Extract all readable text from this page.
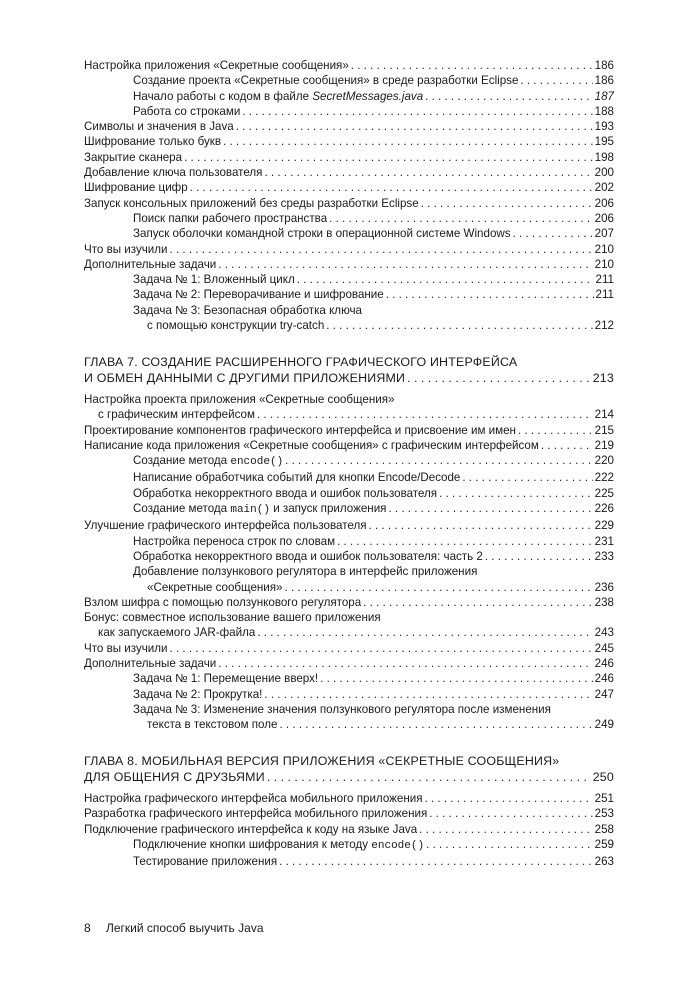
Настройка приложения «Секретные сообщения» . . .	186
Создание проекта «Секретные сообщения» в среде разработки Eclipse . . .	186
Начало работы с кодом в файле SecretMessages.java . . .	187
Работа со строками . . .	188
Символы и значения в Java . . .	193
Шифрование только букв . . .	195
Закрытие сканера . . .	198
Добавление ключа пользователя . . .	200
Шифрование цифр . . .	202
Запуск консольных приложений без среды разработки Eclipse . . .	206
Поиск папки рабочего пространства . . .	206
Запуск оболочки командной строки в операционной системе Windows . . .	207
Что вы изучили . . .	210
Дополнительные задачи . . .	210
Задача № 1: Вложенный цикл . . .	211
Задача № 2: Переворачивание и шифрование . . .	211
Задача № 3: Безопасная обработка ключа
с помощью конструкции try-catch . . .	212
ГЛАВА 7. СОЗДАНИЕ РАСШИРЕННОГО ГРАФИЧЕСКОГО ИНТЕРФЕЙСА
И ОБМЕН ДАННЫМИ С ДРУГИМИ ПРИЛОЖЕНИЯМИ . . .	213
Настройка проекта приложения «Секретные сообщения»
с графическим интерфейсом . . .	214
Проектирование компонентов графического интерфейса и присвоение им имен . . .	215
Написание кода приложения «Секретные сообщения» с графическим интерфейсом . . .	219
Создание метода encode() . . .	220
Написание обработчика событий для кнопки Encode/Decode . . .	222
Обработка некорректного ввода и ошибок пользователя . . .	225
Создание метода main() и запуск приложения . . .	226
Улучшение графического интерфейса пользователя . . .	229
Настройка переноса строк по словам . . .	231
Обработка некорректного ввода и ошибок пользователя: часть 2 . . .	233
Добавление ползункового регулятора в интерфейс приложения
«Секретные сообщения» . . .	236
Взлом шифра с помощью ползункового регулятора . . .	238
Бонус: совместное использование вашего приложения
как запускаемого JAR-файла . . .	243
Что вы изучили . . .	245
Дополнительные задачи . . .	246
Задача № 1: Перемещение вверх! . . .	246
Задача № 2: Прокрутка! . . .	247
Задача № 3: Изменение значения ползункового регулятора после изменения
текста в текстовом поле . . .	249
ГЛАВА 8. МОБИЛЬНАЯ ВЕРСИЯ ПРИЛОЖЕНИЯ «СЕКРЕТНЫЕ СООБЩЕНИЯ»
ДЛЯ ОБЩЕНИЯ С ДРУЗЬЯМИ . . .	250
Настройка графического интерфейса мобильного приложения . . .	251
Разработка графического интерфейса мобильного приложения . . .	253
Подключение графического интерфейса к коду на языке Java . . .	258
Подключение кнопки шифрования к методу encode() . . .	259
Тестирование приложения . . .	263
8 Легкий способ выучить Java
